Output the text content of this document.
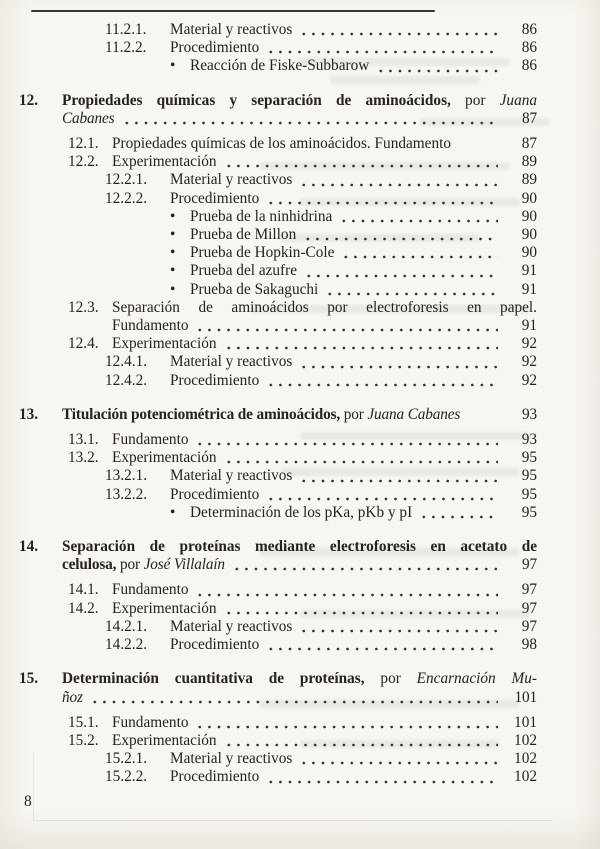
11.2.1.	Material y reactivos	86
11.2.2.	Procedimiento	86
• Reacción de Fiske-Subbarow	86
12.	Propiedades químicas y separación de aminoácidos, por Juana
Cabanes	87
12.1. Propiedades químicas de los aminoácidos. Fundamento	87
12.2. Experimentación	89
12.2.1.	Material y reactivos	89
12.2.2.	Procedimiento	90
• Prueba de la ninhidrina	90
• Prueba de Millon	90
• Prueba de Hopkin-Cole	90
• Prueba del azufre	91
• Prueba de Sakaguchi	91
12.3. Separación de aminoácidos por electroforesis en papel.
Fundamento	91
12.4. Experimentación	92
12.4.1.	Material y reactivos	92
12.4.2.	Procedimiento	92
13.	Titulación potenciométrica de aminoácidos, por Juana Cabanes	93
13.1. Fundamento	93
13.2. Experimentación	95
13.2.1.	Material y reactivos	95
13.2.2.	Procedimiento	95
• Determinación de los pKa, pKb y pI	95
14.	Separación de proteínas mediante electroforesis en acetato de
celulosa, por José Villalaín	97
14.1. Fundamento	97
14.2. Experimentación	97
14.2.1.	Material y reactivos	97
14.2.2.	Procedimiento	98
15.	Determinación cuantitativa de proteínas, por Encarnación Mu-
ñoz	101
15.1. Fundamento	101
15.2. Experimentación	102
15.2.1.	Material y reactivos	102
15.2.2.	Procedimiento	102
8
